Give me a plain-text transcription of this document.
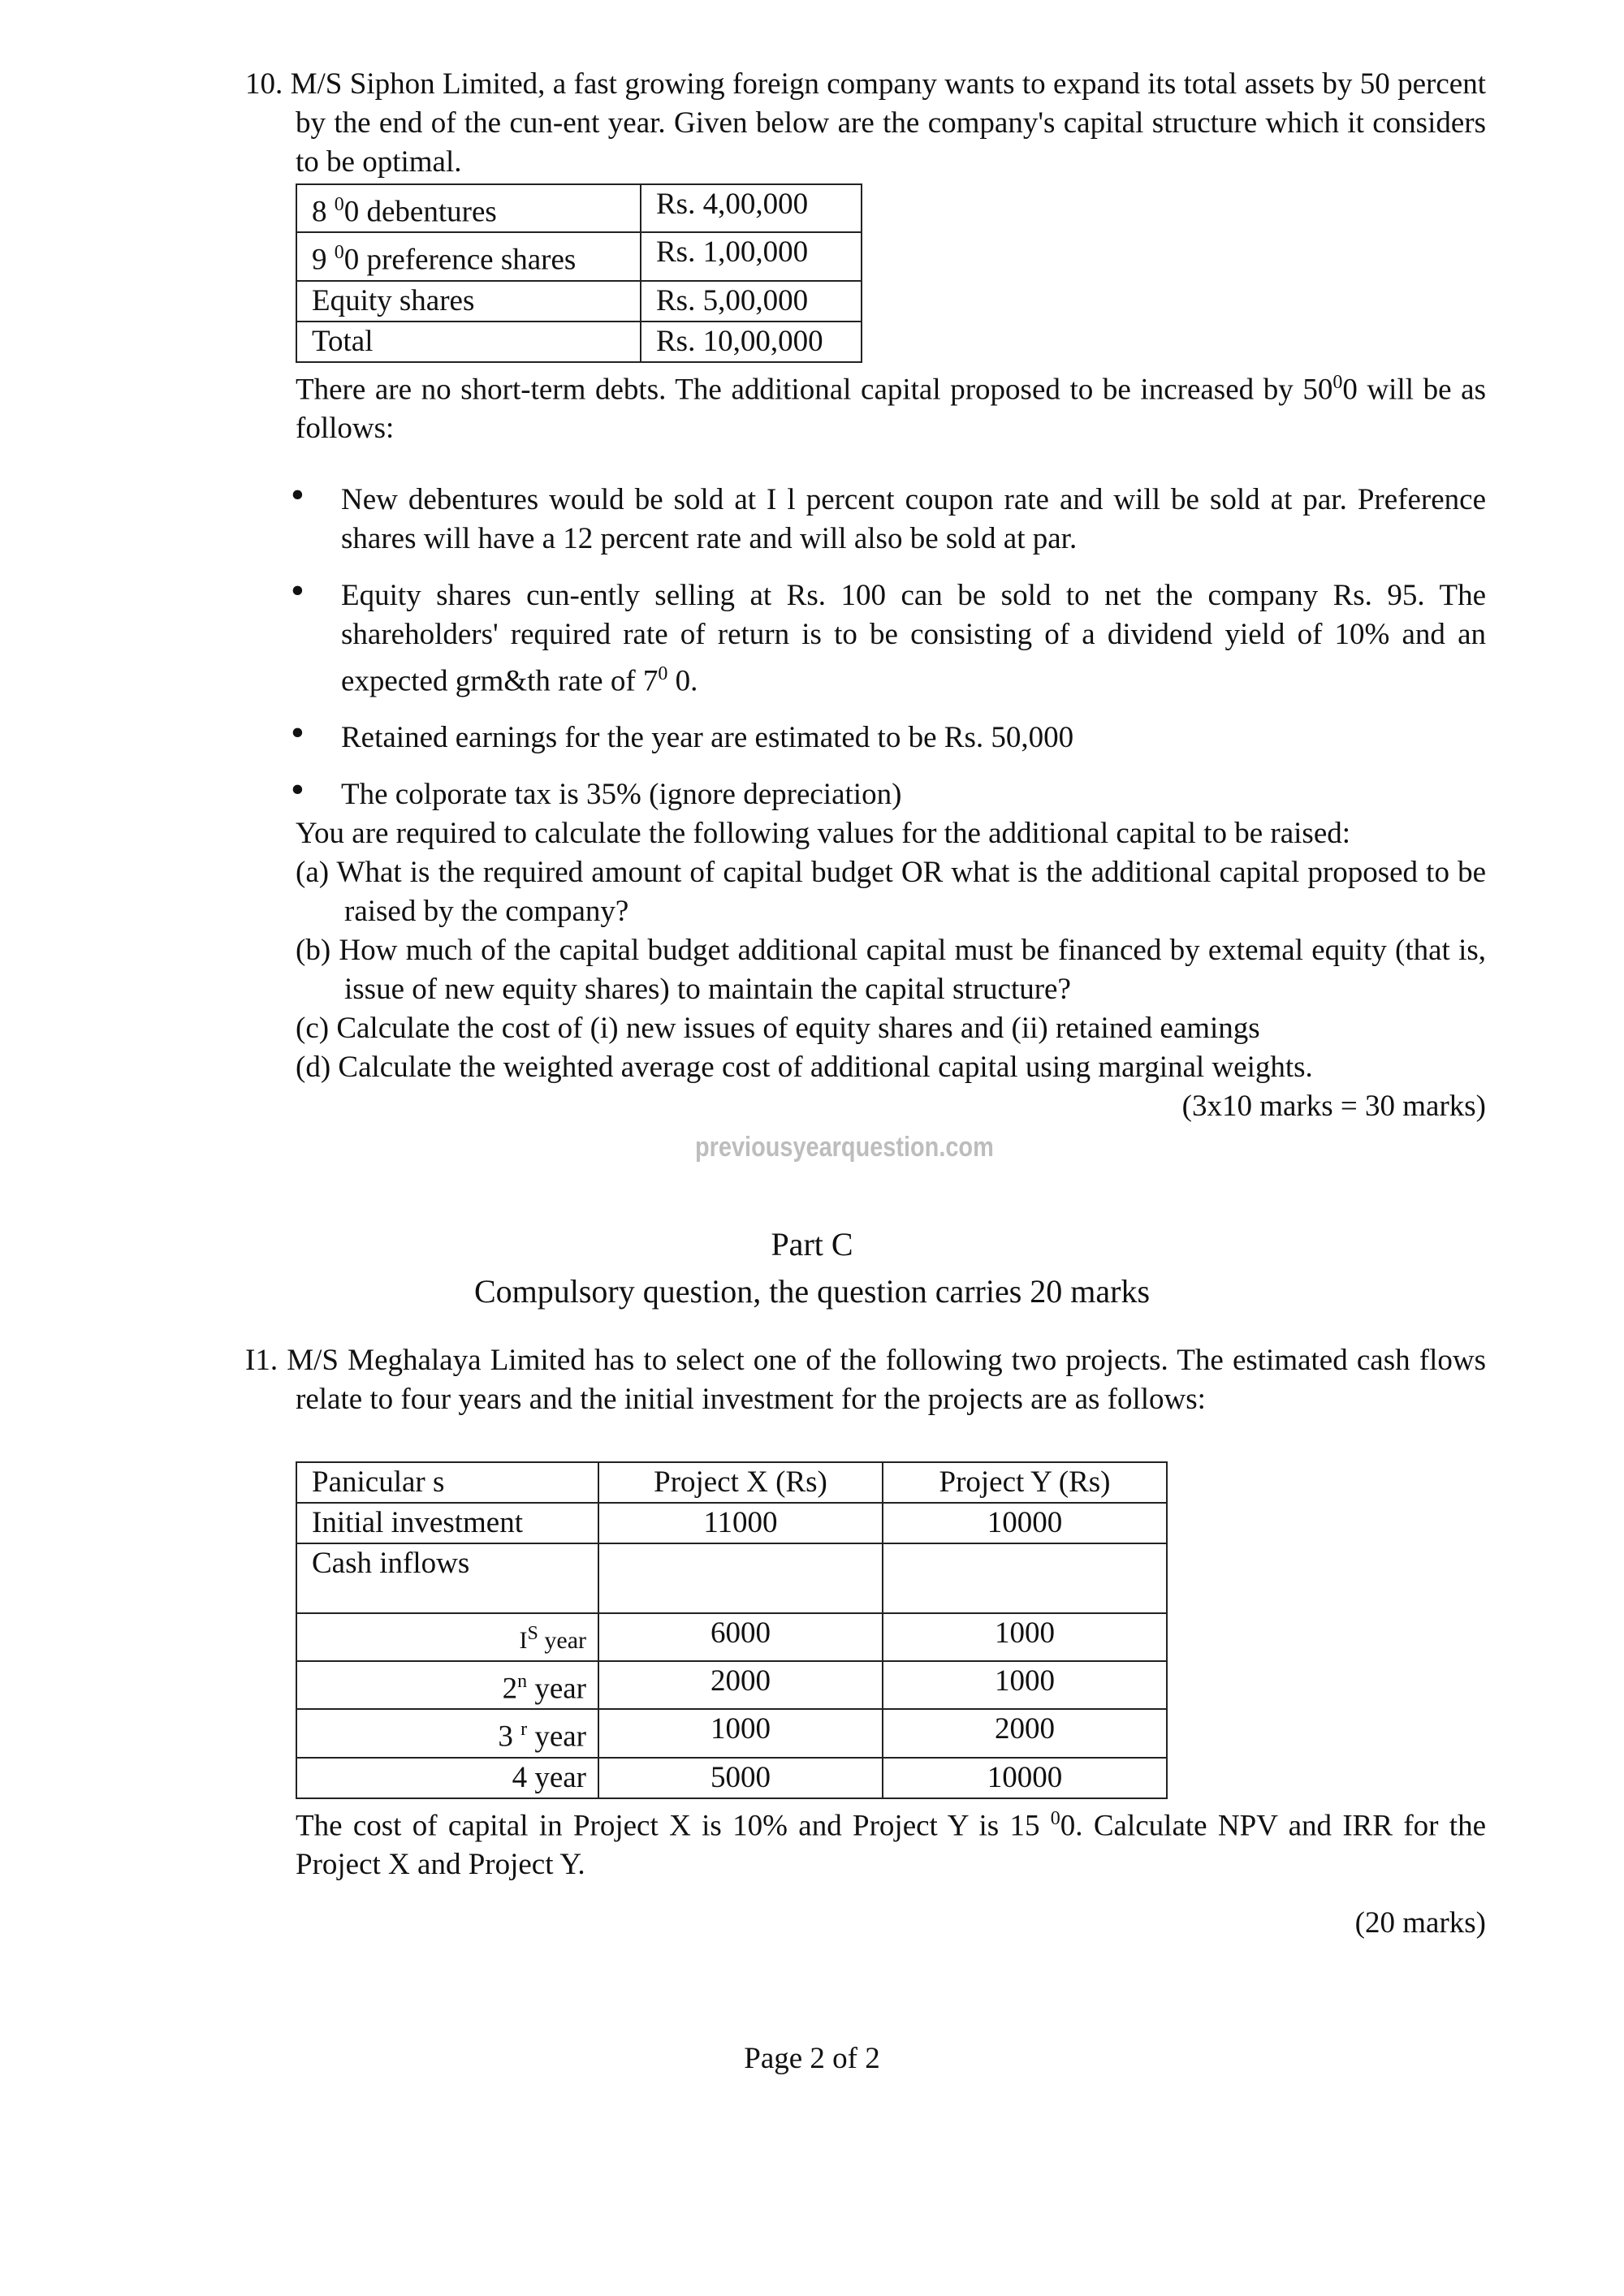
10. M/S Siphon Limited, a fast growing foreign company wants to expand its total assets by 50 percent by the end of the cun-ent year. Given below are the company's capital structure which it considers to be optimal.
8 $^0$0 debentures	Rs. 4,00,000
9 $^0$0 preference shares	Rs. 1,00,000
Equity shares	Rs. 5,00,000
Total	Rs. 10,00,000
There are no short-term debts. The additional capital proposed to be increased by $50^00$ will be as follows:
• New debentures would be sold at I l percent coupon rate and will be sold at par. Preference shares will have a 12 percent rate and will also be sold at par.
• Equity shares cun-ently selling at Rs. 100 can be sold to net the company Rs. 95. The shareholders' required rate of return is to be consisting of a dividend yield of 10% and an expected grm&th rate of $7^0$ 0.
• Retained earnings for the year are estimated to be Rs. 50,000
• The colporate tax is 35% (ignore depreciation)
You are required to calculate the following values for the additional capital to be raised:
(a) What is the required amount of capital budget OR what is the additional capital proposed to be raised by the company?
(b) How much of the capital budget additional capital must be financed by extemal equity (that is, issue of new equity shares) to maintain the capital structure?
(c) Calculate the cost of (i) new issues of equity shares and (ii) retained eamings
(d) Calculate the weighted average cost of additional capital using marginal weights.
(3x10 marks = 30 marks)
previousyearquestion.com
Part C
Compulsory question, the question carries 20 marks
I1. M/S Meghalaya Limited has to select one of the following two projects. The estimated cash flows relate to four years and the initial investment for the projects are as follows:
Panicular s	Project X (Rs)	Project Y (Rs)
Initial investment	11000	10000
Cash inflows		
$I^S$ year	6000	1000
2$^n$ year	2000	1000
3 $^r$ year	1000	2000
4 year	5000	10000
The cost of capital in Project X is 10% and Project Y is 15 $^0$0. Calculate NPV and IRR for the Project X and Project Y.
(20 marks)
Page 2 of 2
